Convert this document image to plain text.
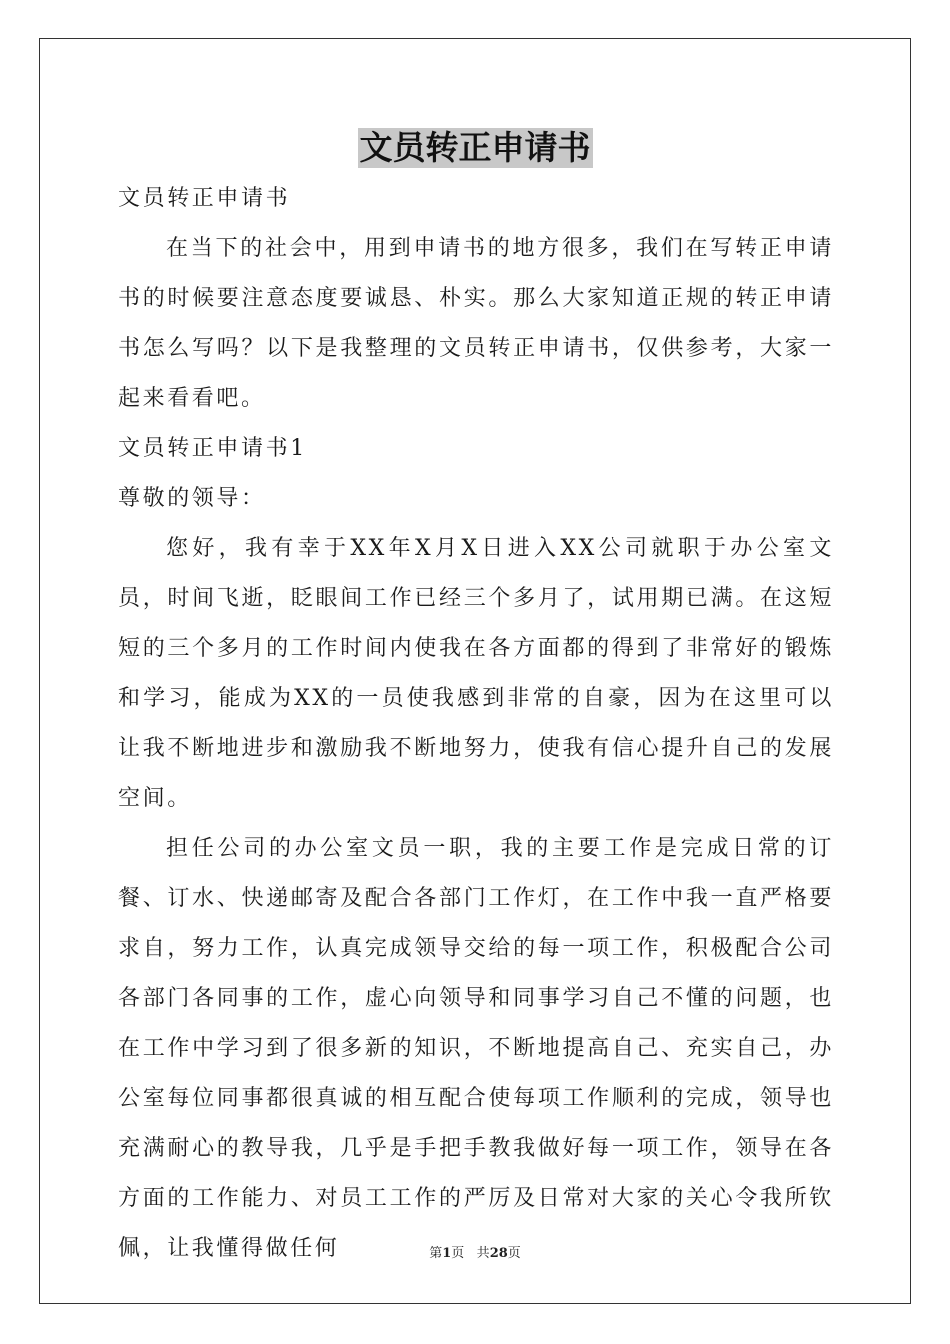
文员转正申请书
文员转正申请书

在当下的社会中，用到申请书的地方很多，我们在写转正申请书的时候要注意态度要诚恳、朴实。那么大家知道正规的转正申请书怎么写吗？以下是我整理的文员转正申请书，仅供参考，大家一起来看看吧。

文员转正申请书1
尊敬的领导：

您好，我有幸于XX年X月X日进入XX公司就职于办公室文员，时间飞逝，眨眼间工作已经三个多月了，试用期已满。在这短短的三个多月的工作时间内使我在各方面都的得到了非常好的锻炼和学习，能成为XX的一员使我感到非常的自豪，因为在这里可以让我不断地进步和激励我不断地努力，使我有信心提升自己的发展空间。

担任公司的办公室文员一职，我的主要工作是完成日常的订餐、订水、快递邮寄及配合各部门工作灯，在工作中我一直严格要求自，努力工作，认真完成领导交给的每一项工作，积极配合公司各部门各同事的工作，虚心向领导和同事学习自己不懂的问题，也在工作中学习到了很多新的知识，不断地提高自己、充实自己，办公室每位同事都很真诚的相互配合使每项工作顺利的完成，领导也充满耐心的教导我，几乎是手把手教我做好每一项工作，领导在各方面的工作能力、对员工工作的严厉及日常对大家的关心令我所钦佩，让我懂得做任何	第1页 共28页
